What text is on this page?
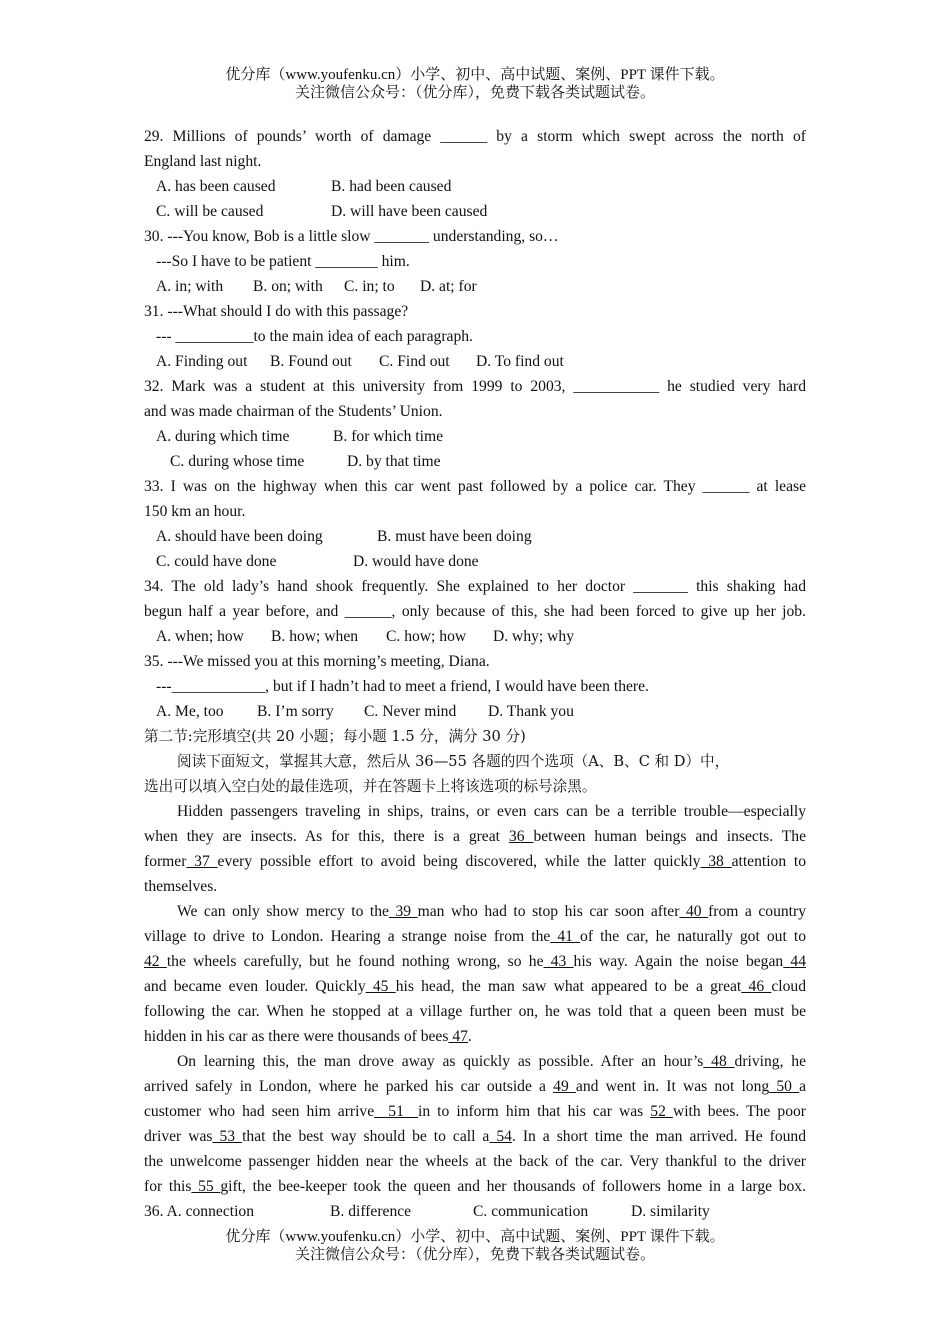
优分库（www.youfenku.cn）小学、初中、高中试题、案例、PPT 课件下载。
关注微信公众号：（优分库），免费下载各类试题试卷。
29. Millions of pounds’ worth of damage ______ by a storm which swept across the north of
England last night.
A. has been caused	B. had been caused
C. will be caused	D. will have been caused
30. ---You know, Bob is a little slow _______ understanding, so…
---So I have to be patient ________ him.
A. in; with B. on; with C. in; to D. at; for
31. ---What should I do with this passage?
--- __________to the main idea of each paragraph.
A. Finding out B. Found out C. Find out D. To find out
32. Mark was a student at this university from 1999 to 2003, ___________ he studied very hard
and was made chairman of the Students’ Union.
A. during which time	B. for which time
C. during whose time	D. by that time
33. I was on the highway when this car went past followed by a police car. They ______ at lease
150 km an hour.
A. should have been doing	B. must have been doing
C. could have done	D. would have done
34. The old lady’s hand shook frequently. She explained to her doctor _______ this shaking had
begun half a year before, and ______, only because of this, she had been forced to give up her job.
A. when; how B. how; when C. how; how D. why; why
35. ---We missed you at this morning’s meeting, Diana.
---____________, but if I hadn’t had to meet a friend, I would have been there.
A. Me, too B. I’m sorry C. Never mind D. Thank you
第二节:完形填空(共 20 小题；每小题 1.5 分，满分 30 分)
阅读下面短文，掌握其大意，然后从 36—55 各题的四个选项（A、B、C 和 D）中，
选出可以填入空白处的最佳选项，并在答题卡上将该选项的标号涂黑。
Hidden passengers traveling in ships, trains, or even cars can be a terrible trouble—especially
when they are insects. As for this, there is a great 36 between human beings and insects. The
former 37 every possible effort to avoid being discovered, while the latter quickly 38 attention to
themselves.
We can only show mercy to the 39 man who had to stop his car soon after 40 from a country
village to drive to London. Hearing a strange noise from the 41 of the car, he naturally got out to
42 the wheels carefully, but he found nothing wrong, so he 43 his way. Again the noise began 44
and became even louder. Quickly 45 his head, the man saw what appeared to be a great 46 cloud
following the car. When he stopped at a village further on, he was told that a queen been must be
hidden in his car as there were thousands of bees 47.
On learning this, the man drove away as quickly as possible. After an hour’s 48 driving, he
arrived safely in London, where he parked his car outside a 49 and went in. It was not long 50 a
customer who had seen him arrive  51  in to inform him that his car was 52 with bees. The poor
driver was 53 that the best way should be to call a 54. In a short time the man arrived. He found
the unwelcome passenger hidden near the wheels at the back of the car. Very thankful to the driver
for this 55 gift, the bee-keeper took the queen and her thousands of followers home in a large box.
36. A. connection	B. difference	C. communication	D. similarity
优分库（www.youfenku.cn）小学、初中、高中试题、案例、PPT 课件下载。
关注微信公众号：（优分库），免费下载各类试题试卷。
